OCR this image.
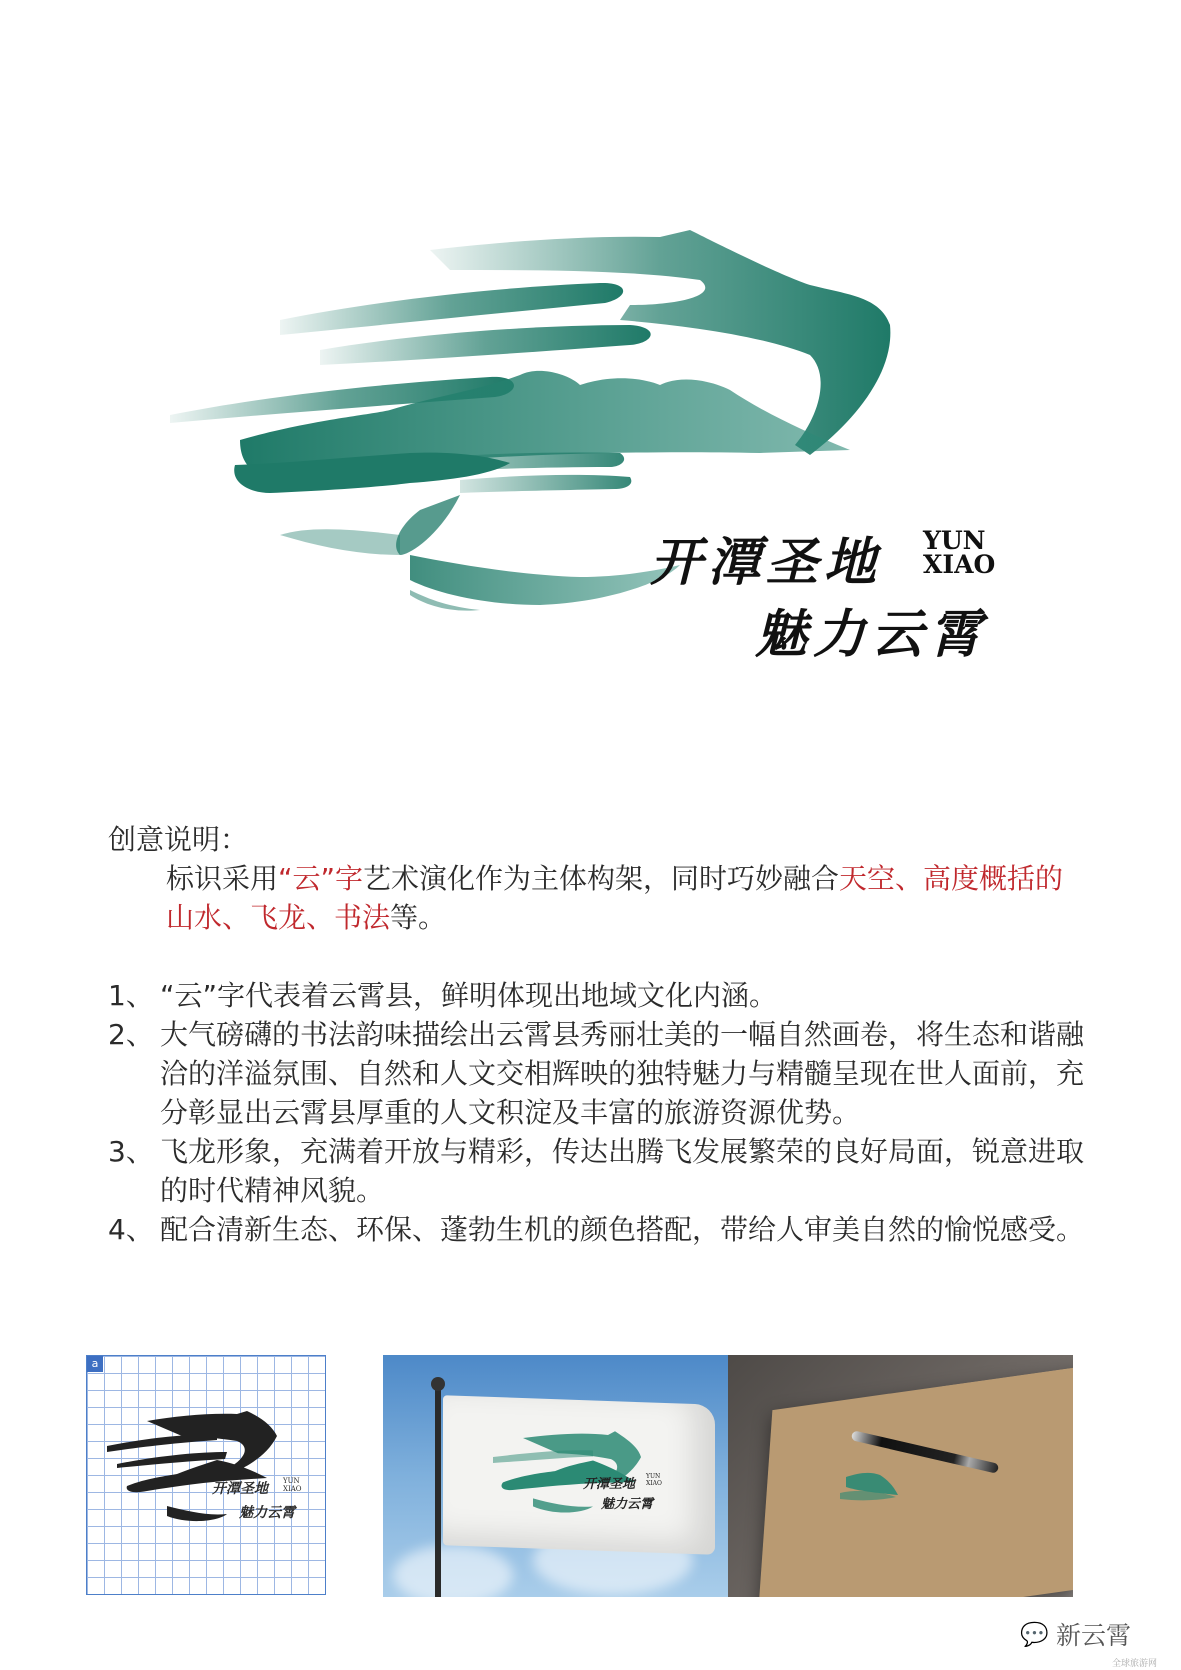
开潭圣地
魅力云霄
YUN
XIAO

创意说明：

标识采用“云”字艺术演化作为主体构架，同时巧妙融合天空、高度概括的山水、飞龙、书法等。

1、 “云”字代表着云霄县，鲜明体现出地域文化内涵。
2、 大气磅礴的书法韵味描绘出云霄县秀丽壮美的一幅自然画卷，将生态和谐融洽的洋溢氛围、自然和人文交相辉映的独特魅力与精髓呈现在世人面前，充分彰显出云霄县厚重的人文积淀及丰富的旅游资源优势。
3、 飞龙形象，充满着开放与精彩，传达出腾飞发展繁荣的良好局面，锐意进取的时代精神风貌。
4、 配合清新生态、环保、蓬勃生机的颜色搭配，带给人审美自然的愉悦感受。
a
开潭圣地
魅力云霄
YUN
XIAO	开潭圣地
魅力云霄
YUN
XIAO
💬 新云霄
全球旅游网
